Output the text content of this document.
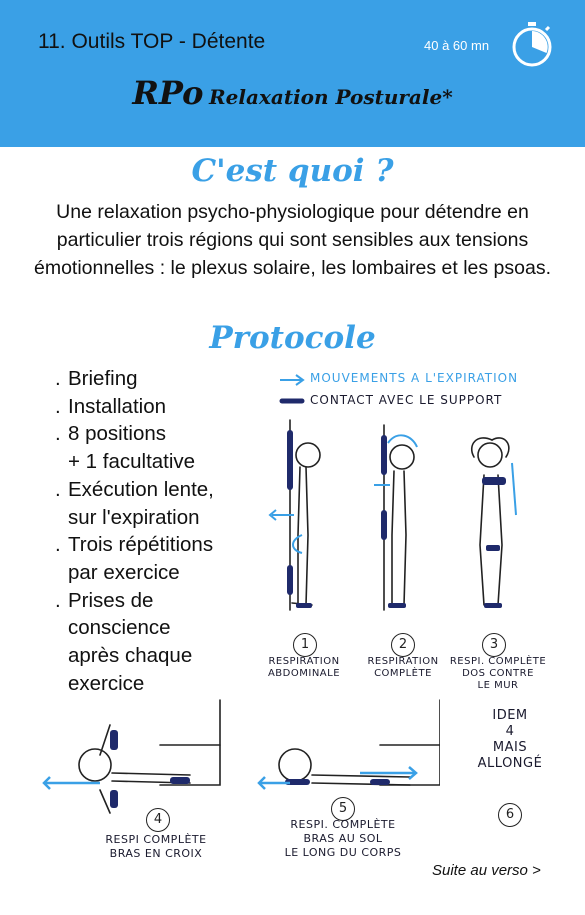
11. Outils TOP - Détente	40 à 60 mn
RPo Relaxation Posturale*
C'est quoi ?
Une relaxation psycho-physiologique pour détendre en particulier trois régions qui sont sensibles aux tensions émotionnelles : le plexus solaire, les lombaires et les psoas.
Protocole
. Briefing
. Installation
. 8 positions
+ 1 facultative
. Exécution lente,
sur l'expiration
. Trois répétitions
par exercice
. Prises de
conscience
après chaque
exercice
MOUVEMENTS A L'EXPIRATION
CONTACT AVEC LE SUPPORT
1
RESPIRATION
ABDOMINALE
2
RESPIRATION
COMPLÈTE
3
RESPI. COMPLÈTE
DOS CONTRE
LE MUR
4
RESPI COMPLÈTE
BRAS EN CROIX
5
RESPI. COMPLÈTE
BRAS AU SOL
LE LONG DU CORPS
IDEM
4
MAIS
ALLONGÉ
6
Suite au verso >
